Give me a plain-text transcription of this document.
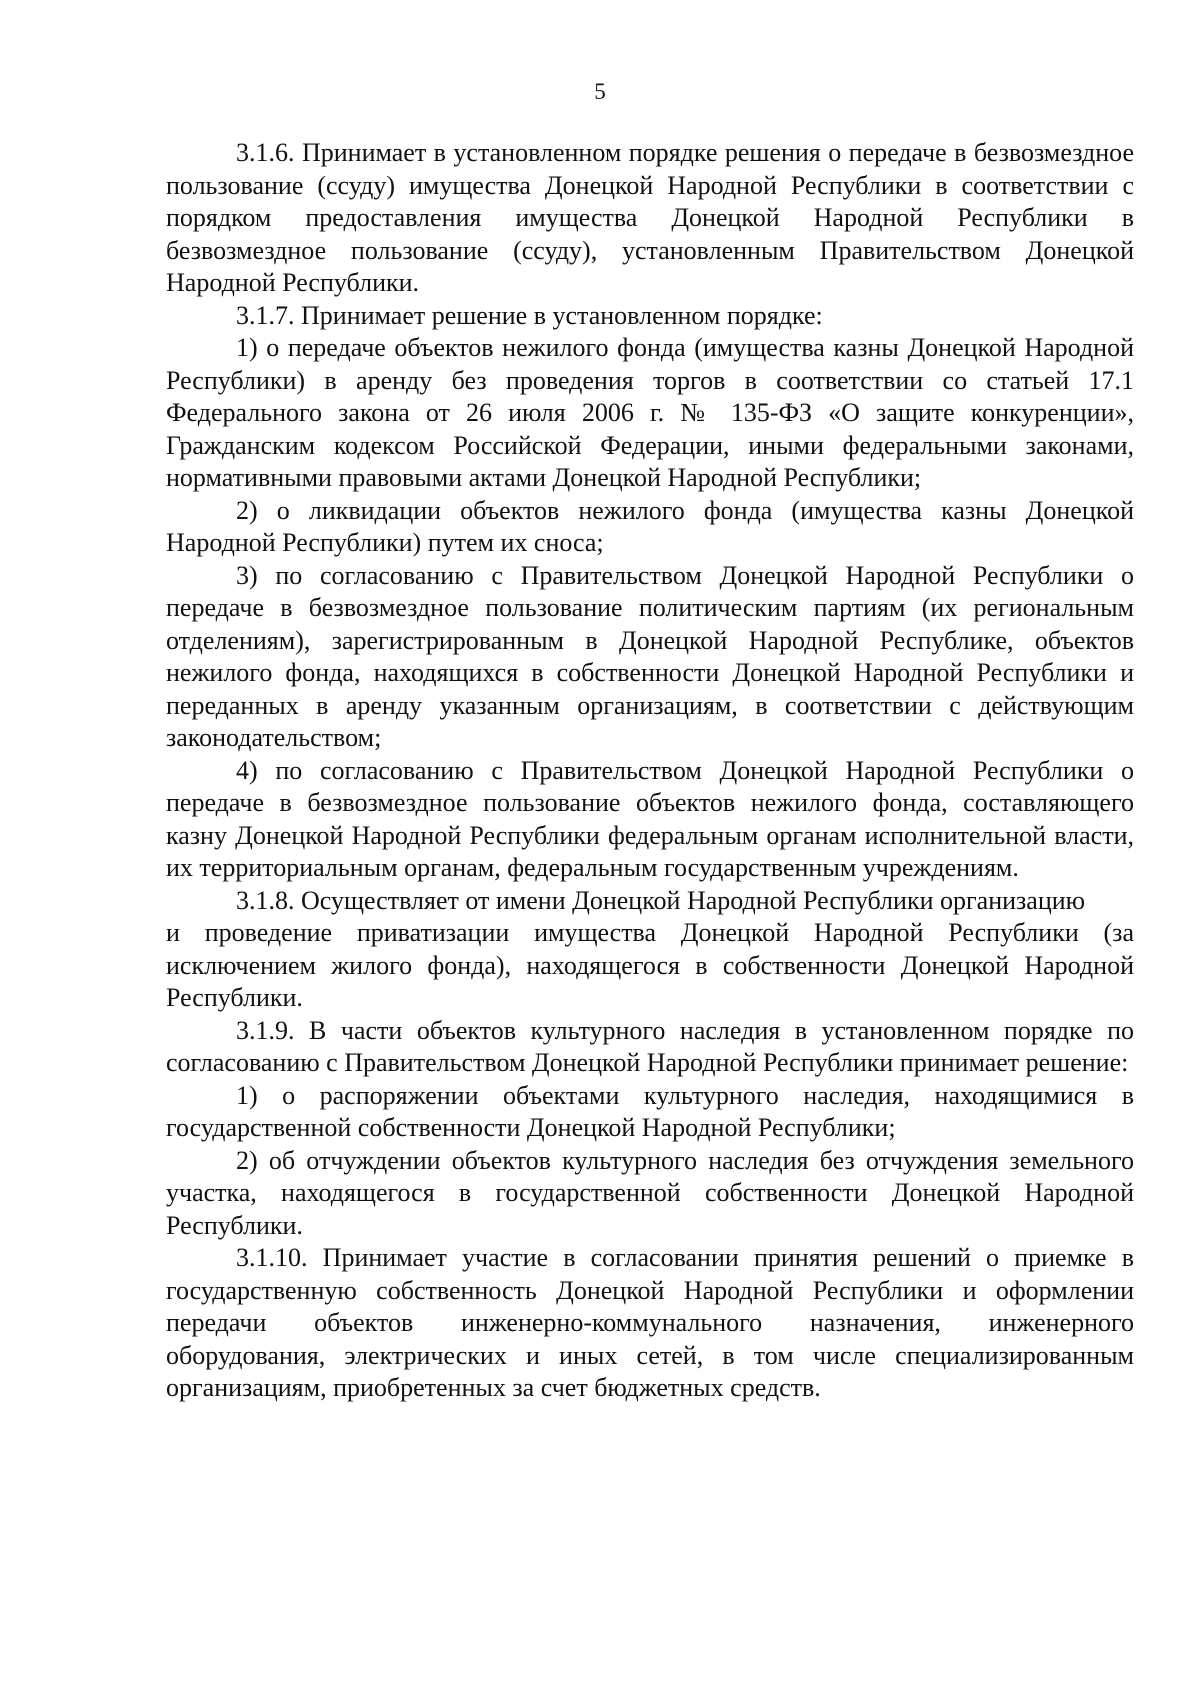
5

3.1.6. Принимает в установленном порядке решения о передаче в безвозмездное пользование (ссуду) имущества Донецкой Народной Республики в соответствии с порядком предоставления имущества Донецкой Народной Республики в безвозмездное пользование (ссуду), установленным Правительством Донецкой Народной Республики.

3.1.7. Принимает решение в установленном порядке:

1) о передаче объектов нежилого фонда (имущества казны Донецкой Народной Республики) в аренду без проведения торгов в соответствии со статьей 17.1 Федерального закона от 26 июля 2006 г. № 135-ФЗ «О защите конкуренции», Гражданским кодексом Российской Федерации, иными федеральными законами, нормативными правовыми актами Донецкой Народной Республики;

2) о ликвидации объектов нежилого фонда (имущества казны Донецкой Народной Республики) путем их сноса;

3) по согласованию с Правительством Донецкой Народной Республики о передаче в безвозмездное пользование политическим партиям (их региональным отделениям), зарегистрированным в Донецкой Народной Республике, объектов нежилого фонда, находящихся в собственности Донецкой Народной Республики и переданных в аренду указанным организациям, в соответствии с действующим законодательством;

4) по согласованию с Правительством Донецкой Народной Республики о передаче в безвозмездное пользование объектов нежилого фонда, составляющего казну Донецкой Народной Республики федеральным органам исполнительной власти, их территориальным органам, федеральным государственным учреждениям.

3.1.8. Осуществляет от имени Донецкой Народной Республики организацию

и проведение приватизации имущества Донецкой Народной Республики (за исключением жилого фонда), находящегося в собственности Донецкой Народной Республики.

3.1.9. В части объектов культурного наследия в установленном порядке по согласованию с Правительством Донецкой Народной Республики принимает решение:

1) о распоряжении объектами культурного наследия, находящимися в государственной собственности Донецкой Народной Республики;

2) об отчуждении объектов культурного наследия без отчуждения земельного участка, находящегося в государственной собственности Донецкой Народной Республики.

3.1.10. Принимает участие в согласовании принятия решений о приемке в государственную собственность Донецкой Народной Республики и оформлении передачи объектов инженерно-коммунального назначения, инженерного оборудования, электрических и иных сетей, в том числе специализированным организациям, приобретенных за счет бюджетных средств.
